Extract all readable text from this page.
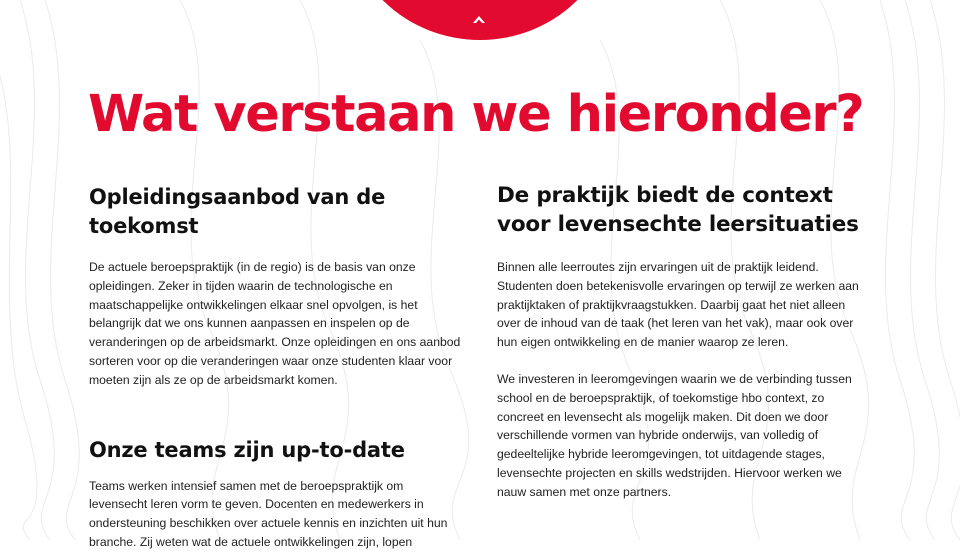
Wat verstaan we hieronder?
Opleidingsaanbod van de toekomst

De actuele beroepspraktijk (in de regio) is de basis van onze opleidingen. Zeker in tijden waarin de technologische en maatschappelijke ontwikkelingen elkaar snel opvolgen, is het belangrijk dat we ons kunnen aanpassen en inspelen op de veranderingen op de arbeidsmarkt. Onze opleidingen en ons aanbod sorteren voor op die veranderingen waar onze studenten klaar voor moeten zijn als ze op de arbeidsmarkt komen.

Onze teams zijn up-to-date

Teams werken intensief samen met de beroepspraktijk om levensecht leren vorm te geven. Docenten en medewerkers in ondersteuning beschikken over actuele kennis en inzichten uit hun branche. Zij weten wat de actuele ontwikkelingen zijn, lopen

De praktijk biedt de context voor levensechte leersituaties

Binnen alle leerroutes zijn ervaringen uit de praktijk leidend. Studenten doen betekenisvolle ervaringen op terwijl ze werken aan praktijktaken of praktijkvraagstukken. Daarbij gaat het niet alleen over de inhoud van de taak (het leren van het vak), maar ook over hun eigen ontwikkeling en de manier waarop ze leren.

We investeren in leeromgevingen waarin we de verbinding tussen school en de beroepspraktijk, of toekomstige hbo context, zo concreet en levensecht als mogelijk maken. Dit doen we door verschillende vormen van hybride onderwijs, van volledig of gedeeltelijke hybride leeromgevingen, tot uitdagende stages, levensechte projecten en skills wedstrijden. Hiervoor werken we nauw samen met onze partners.
